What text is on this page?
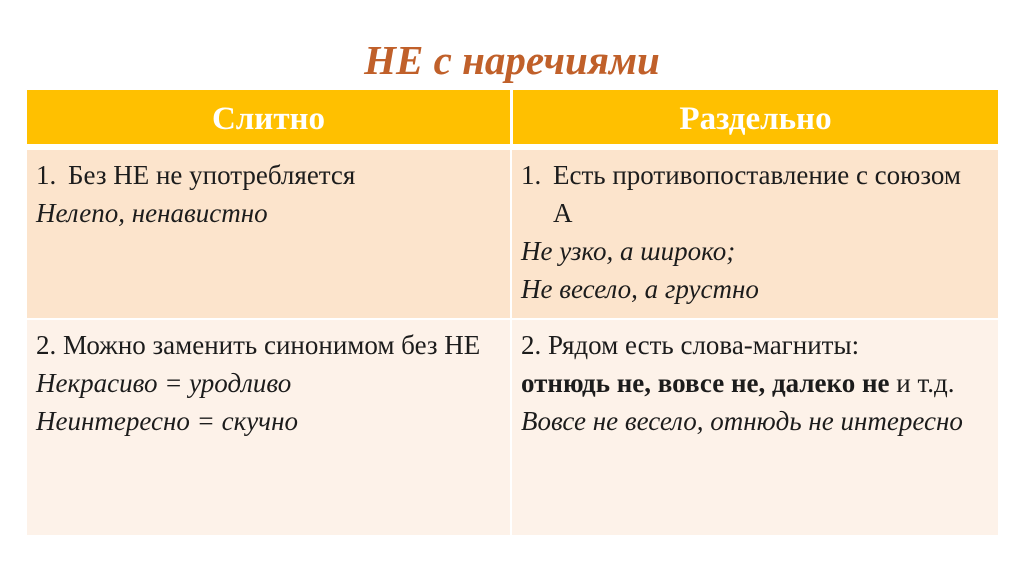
НЕ с наречиями
Слитно	Раздельно
1. Без НЕ не употребляется
Нелепо, ненавистно
1. Есть противопоставление с союзом А
Не узко, а широко;
Не весело, а грустно
2. Можно заменить синонимом без НЕ
Некрасиво = уродливо
Неинтересно = скучно
2. Рядом есть слова-магниты:
отнюдь не, вовсе не, далеко не и т.д.
Вовсе не весело, отнюдь не интересно
